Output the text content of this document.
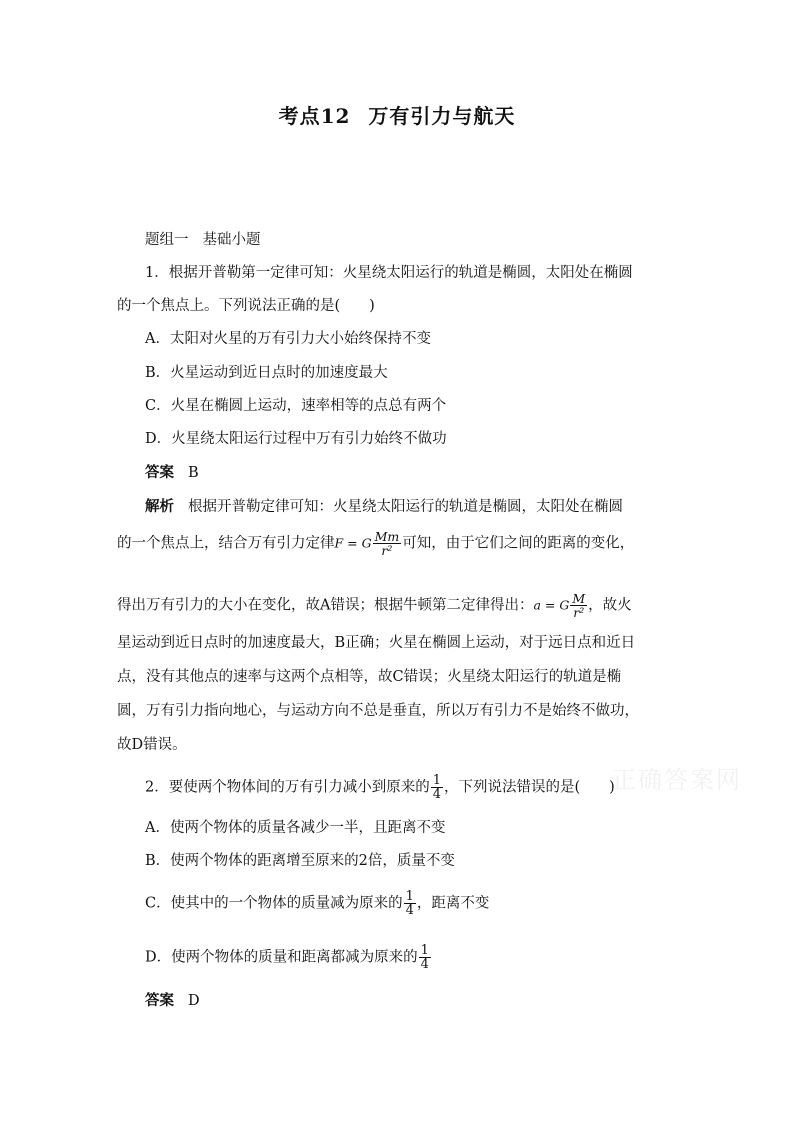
考点12 万有引力与航天
题组一 基础小题
1．根据开普勒第一定律可知：火星绕太阳运行的轨道是椭圆，太阳处在椭圆
的一个焦点上。下列说法正确的是(　　)
A．太阳对火星的万有引力大小始终保持不变
B．火星运动到近日点时的加速度最大
C．火星在椭圆上运动，速率相等的点总有两个
D．火星绕太阳运行过程中万有引力始终不做功
答案 B
解析 根据开普勒定律可知：火星绕太阳运行的轨道是椭圆，太阳处在椭圆
的一个焦点上，结合万有引力定律F = G $\frac{Mm}{\text{r²}}$ 可知，由于它们之间的距离的变化，
得出万有引力的大小在变化，故A错误；根据牛顿第二定律得出：a = G $\frac{M}{\text{r²}}$ ，故火
星运动到近日点时的加速度最大，B正确；火星在椭圆上运动，对于远日点和近日
点，没有其他点的速率与这两个点相等，故C错误；火星绕太阳运行的轨道是椭
圆，万有引力指向地心，与运动方向不总是垂直，所以万有引力不是始终不做功，
故D错误。
2．要使两个物体间的万有引力减小到原来的 $\frac{1}{4}$ ，下列说法错误的是(　　)
A．使两个物体的质量各减少一半，且距离不变
B．使两个物体的距离增至原来的2倍，质量不变
C．使其中的一个物体的质量减为原来的 $\frac{1}{4}$ ，距离不变
D．使两个物体的质量和距离都减为原来的 $\frac{1}{4}$
答案 D
正确答案网
